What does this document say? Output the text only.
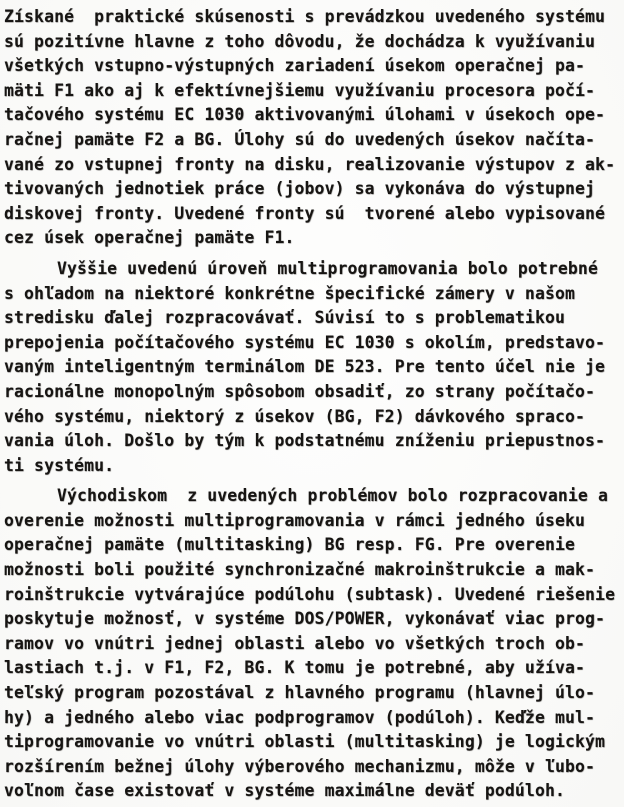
Získané  praktické skúsenosti s prevádzkou uvedeného systému
sú pozitívne hlavne z toho dôvodu, že dochádza k využívaniu
všetkých vstupno-výstupných zariadení úsekom operačnej pa-
mäti F1 ako aj k efektívnejšiemu využívaniu procesora počí-
tačového systému EC 1030 aktivovanými úlohami v úsekoch ope-
račnej pamäte F2 a BG. Úlohy sú do uvedených úsekov načíta-
vané zo vstupnej fronty na disku, realizovanie výstupov z ak-
tivovaných jednotiek práce (jobov) sa vykonáva do výstupnej
diskovej fronty. Uvedené fronty sú  tvorené alebo vypisované
cez úsek operačnej pamäte F1.

Vyššie uvedenú úroveň multiprogramovania bolo potrebné
s ohľadom na niektoré konkrétne špecifické zámery v našom
stredisku ďalej rozpracovávať. Súvisí to s problematikou
prepojenia počítačového systému EC 1030 s okolím, predstavo-
vaným inteligentným terminálom DE 523. Pre tento účel nie je
racionálne monopolným spôsobom obsadiť, zo strany počítačo-
vého systému, niektorý z úsekov (BG, F2) dávkového spraco-
vania úloh. Došlo by tým k podstatnému zníženiu priepustnos-
ti systému.

Východiskom  z uvedených problémov bolo rozpracovanie a
overenie možnosti multiprogramovania v rámci jedného úseku
operačnej pamäte (multitasking) BG resp. FG. Pre overenie
možnosti boli použité synchronizačné makroinštrukcie a mak-
roinštrukcie vytvárajúce podúlohu (subtask). Uvedené riešenie
poskytuje možnosť, v systéme DOS/POWER, vykonávať viac prog-
ramov vo vnútri jednej oblasti alebo vo všetkých troch ob-
lastiach t.j. v F1, F2, BG. K tomu je potrebné, aby užíva-
teľský program pozostával z hlavného programu (hlavnej úlo-
hy) a jedného alebo viac podprogramov (podúloh). Keďže mul-
tiprogramovanie vo vnútri oblasti (multitasking) je logickým
rozšírením bežnej úlohy výberového mechanizmu, môže v ľubo-
voľnom čase existovať v systéme maximálne deväť podúloh.
